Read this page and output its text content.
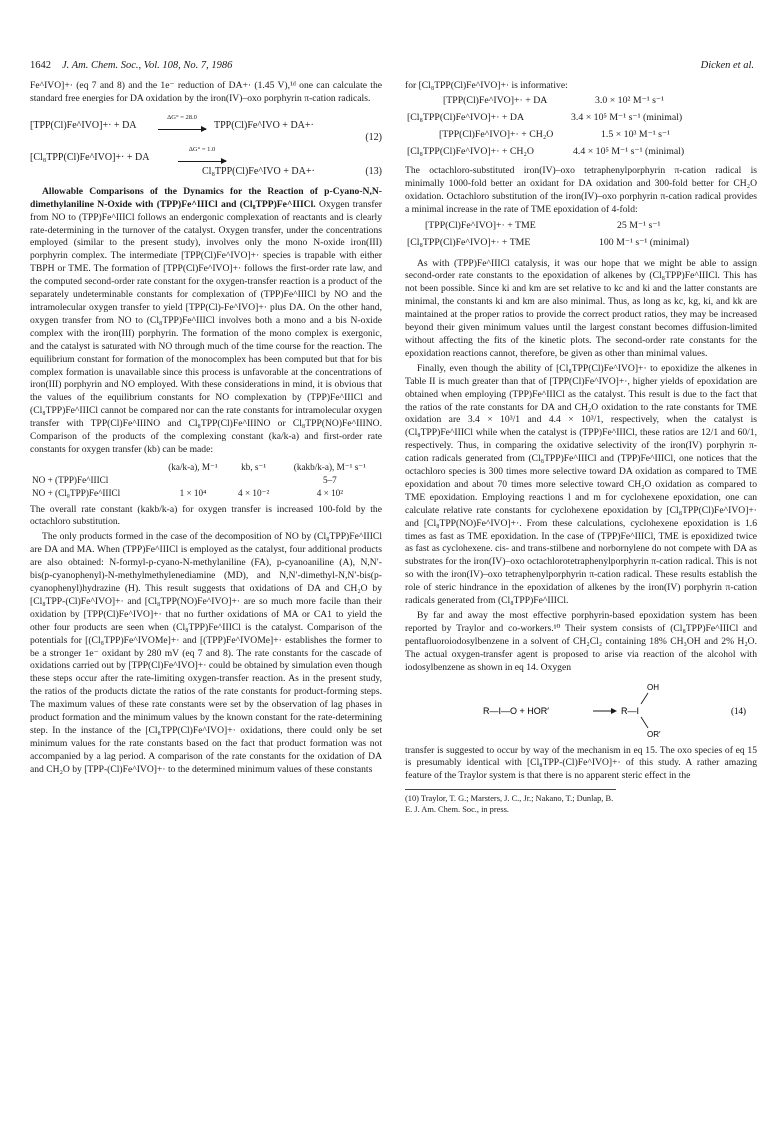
1642 J. Am. Chem. Soc., Vol. 108, No. 7, 1986	Dicken et al.

Fe^IVO]+· (eq 7 and 8) and the 1e⁻ reduction of DA+· (1.45 V),¹ᵈ one can calculate the standard free energies for DA oxidation by the iron(IV)–oxo porphyrin π-cation radicals.

[TPP(Cl)Fe^IVO]+· + DA
ΔG° = 28.0
TPP(Cl)Fe^IVO + DA+·
(12)
[Cl₈TPP(Cl)Fe^IVO]+· + DA
ΔG° = 1.0
Cl₈TPP(Cl)Fe^IVO + DA+·	(13)

Allowable Comparisons of the Dynamics for the Reaction of p-Cyano-N,N-dimethylaniline N-Oxide with (TPP)Fe^IIICl and (Cl₈TPP)Fe^IIICl. Oxygen transfer from NO to (TPP)Fe^IIICl follows an endergonic complexation of reactants and is clearly rate-determining in the turnover of the catalyst. Oxygen transfer, under the concentrations employed (similar to the present study), involves only the mono N-oxide iron(III) porphyrin complex. The intermediate [TPP(Cl)Fe^IVO]+· species is trapable with either TBPH or TME. The formation of [TPP(Cl)Fe^IVO]+· follows the first-order rate law, and the computed second-order rate constant for the oxygen-transfer reaction is a product of the separately undeterminable constants for complexation of (TPP)Fe^IIICl by NO and the intramolecular oxygen transfer to yield [TPP(Cl)-Fe^IVO]+· plus DA. On the other hand, oxygen transfer from NO to (Cl₈TPP)Fe^IIICl involves both a mono and a bis N-oxide complex with the iron(III) porphyrin. The formation of the mono complex is exergonic, and the catalyst is saturated with NO through much of the time course for the reaction. The equilibrium constant for formation of the monocomplex has been computed but that for bis complex formation is unavailable since this process is unfavorable at the concentrations of iron(III) porphyrin and NO employed. With these considerations in mind, it is obvious that the values of the equilibrium constants for NO complexation by (TPP)Fe^IIICl and (Cl₈TPP)Fe^IIICl cannot be compared nor can the rate constants for intramolecular oxygen transfer with TPP(Cl)Fe^IIINO and Cl₈TPP(Cl)Fe^IIINO or Cl₈TPP(NO)Fe^IIINO. Comparison of the products of the complexing constant (ka/k-a) and first-order rate constants for oxygen transfer (kb) can be made:

	(ka/k-a), M⁻¹	kb, s⁻¹	(kakb/k-a), M⁻¹ s⁻¹
NO + (TPP)Fe^IIICl			5–7
NO + (Cl₈TPP)Fe^IIICl	1 × 10⁴	4 × 10⁻²	4 × 10²

The overall rate constant (kakb/k-a) for oxygen transfer is increased 100-fold by the octachloro substitution.

The only products formed in the case of the decomposition of NO by (Cl₈TPP)Fe^IIICl are DA and MA. When (TPP)Fe^IIICl is employed as the catalyst, four additional products are also obtained: N-formyl-p-cyano-N-methylaniline (FA), p-cyanoaniline (A), N,N′-bis(p-cyanophenyl)-N-methylmethylenediamine (MD), and N,N′-dimethyl-N,N′-bis(p-cyanophenyl)hydrazine (H). This result suggests that oxidations of DA and CH₂O by [Cl₈TPP-(Cl)Fe^IVO]+· and [Cl₈TPP(NO)Fe^IVO]+· are so much more facile than their oxidation by [TPP(Cl)Fe^IVO]+· that no further oxidations of MA or CA1 to yield the other four products are seen when (Cl₈TPP)Fe^IIICl is the catalyst. Comparison of the potentials for [(Cl₈TPP)Fe^IVOMe]+· and [(TPP)Fe^IVOMe]+· establishes the former to be a stronger 1e⁻ oxidant by 280 mV (eq 7 and 8). The rate constants for the cascade of oxidations carried out by [TPP(Cl)Fe^IVO]+· could be obtained by simulation even though these steps occur after the rate-limiting oxygen-transfer reaction. As in the present study, the ratios of the products dictate the ratios of the rate constants for product-forming steps. The maximum values of these rate constants were set by the observation of lag phases in product formation and the minimum values by the known constant for the rate-determining step. In the instance of the [Cl₈TPP(Cl)Fe^IVO]+· oxidations, there could only be set minimum values for the rate constants based on the fact that product formation was not accompanied by a lag period. A comparison of the rate constants for the oxidation of DA and CH₂O by [TPP-(Cl)Fe^IVO]+· to the determined minimum values of these constants

for [Cl₈TPP(Cl)Fe^IVO]+· is informative:

[TPP(Cl)Fe^IVO]+· + DA	3.0 × 10² M⁻¹ s⁻¹
[Cl₈TPP(Cl)Fe^IVO]+· + DA	3.4 × 10⁵ M⁻¹ s⁻¹ (minimal)
[TPP(Cl)Fe^IVO]+· + CH₂O	1.5 × 10³ M⁻¹ s⁻¹
[Cl₈TPP(Cl)Fe^IVO]+· + CH₂O	4.4 × 10⁵ M⁻¹ s⁻¹ (minimal)

The octachloro-substituted iron(IV)–oxo tetraphenylporphyrin π-cation radical is minimally 1000-fold better an oxidant for DA oxidation and 300-fold better for CH₂O oxidation. Octachloro substitution of the iron(IV)–oxo porphyrin π-cation radical provides a minimal increase in the rate of TME epoxidation of 4-fold:

[TPP(Cl)Fe^IVO]+· + TME	25 M⁻¹ s⁻¹
[Cl₈TPP(Cl)Fe^IVO]+· + TME	100 M⁻¹ s⁻¹ (minimal)

As with (TPP)Fe^IIICl catalysis, it was our hope that we might be able to assign second-order rate constants to the epoxidation of alkenes by (Cl₈TPP)Fe^IIICl. This has not been possible. Since ki and km are set relative to kc and ki and the latter constants are minimal, the constants ki and km are also minimal. Thus, as long as kc, kg, ki, and kk are maintained at the proper ratios to provide the correct product ratios, they may be increased beyond their given minimum values until the largest constant becomes diffusion-limited without affecting the fits of the kinetic plots. The second-order rate constants for the epoxidation reactions cannot, therefore, be given as other than minimal values.

Finally, even though the ability of [Cl₈TPP(Cl)Fe^IVO]+· to epoxidize the alkenes in Table II is much greater than that of [TPP(Cl)Fe^IVO]+·, higher yields of epoxidation are obtained when employing (TPP)Fe^IIICl as the catalyst. This result is due to the fact that the ratios of the rate constants for DA and CH₂O oxidation to the rate constants for TME oxidation are 3.4 × 10³/1 and 4.4 × 10³/1, respectively, when the catalyst is (Cl₈TPP)Fe^IIICl while when the catalyst is (TPP)Fe^IIICl, these ratios are 12/1 and 60/1, respectively. Thus, in comparing the oxidative selectivity of the iron(IV) porphyrin π-cation radicals generated from (Cl₈TPP)Fe^IIICl and (TPP)Fe^IIICl, one notices that the octachloro species is 300 times more selective toward DA oxidation as compared to TME epoxidation and about 70 times more selective toward CH₂O oxidation as compared to TME epoxidation. Employing reactions l and m for cyclohexene epoxidation, one can calculate relative rate constants for cyclohexene epoxidation by [Cl₈TPP(Cl)Fe^IVO]+· and [Cl₈TPP(NO)Fe^IVO]+·. From these calculations, cyclohexene epoxidation is 1.6 times as fast as TME epoxidation. In the case of (TPP)Fe^IIICl, TME is epoxidized twice as fast as cyclohexene. cis- and trans-stilbene and norbornylene do not compete with DA as substrates for the iron(IV)–oxo octachlorotetraphenylporphyrin π-cation radical. This is not so with the iron(IV)–oxo tetraphenylporphyrin π-cation radical. These results establish the role of steric hindrance in the epoxidation of alkenes by the iron(IV) porphyrin π-cation radicals generated from (Cl₈TPP)Fe^IIICl.

By far and away the most effective porphyrin-based epoxidation system has been reported by Traylor and co-workers.¹⁰ Their system consists of (Cl₈TPP)Fe^IIICl and pentafluoroiodosylbenzene in a solvent of CH₂Cl₂ containing 18% CH₃OH and 2% H₂O. The actual oxygen-transfer agent is proposed to arise via reaction of the alcohol with iodosylbenzene as shown in eq 14. Oxygen

R—I—O + HOR′	R—I
OH
OR′
(14)

transfer is suggested to occur by way of the mechanism in eq 15. The oxo species of eq 15 is presumably identical with [Cl₈TPP-(Cl)Fe^IVO]+· of this study. A rather amazing feature of the Traylor system is that there is no apparent steric effect in the

(10) Traylor, T. G.; Marsters, J. C., Jr.; Nakano, T.; Dunlap, B. E. J. Am. Chem. Soc., in press.
